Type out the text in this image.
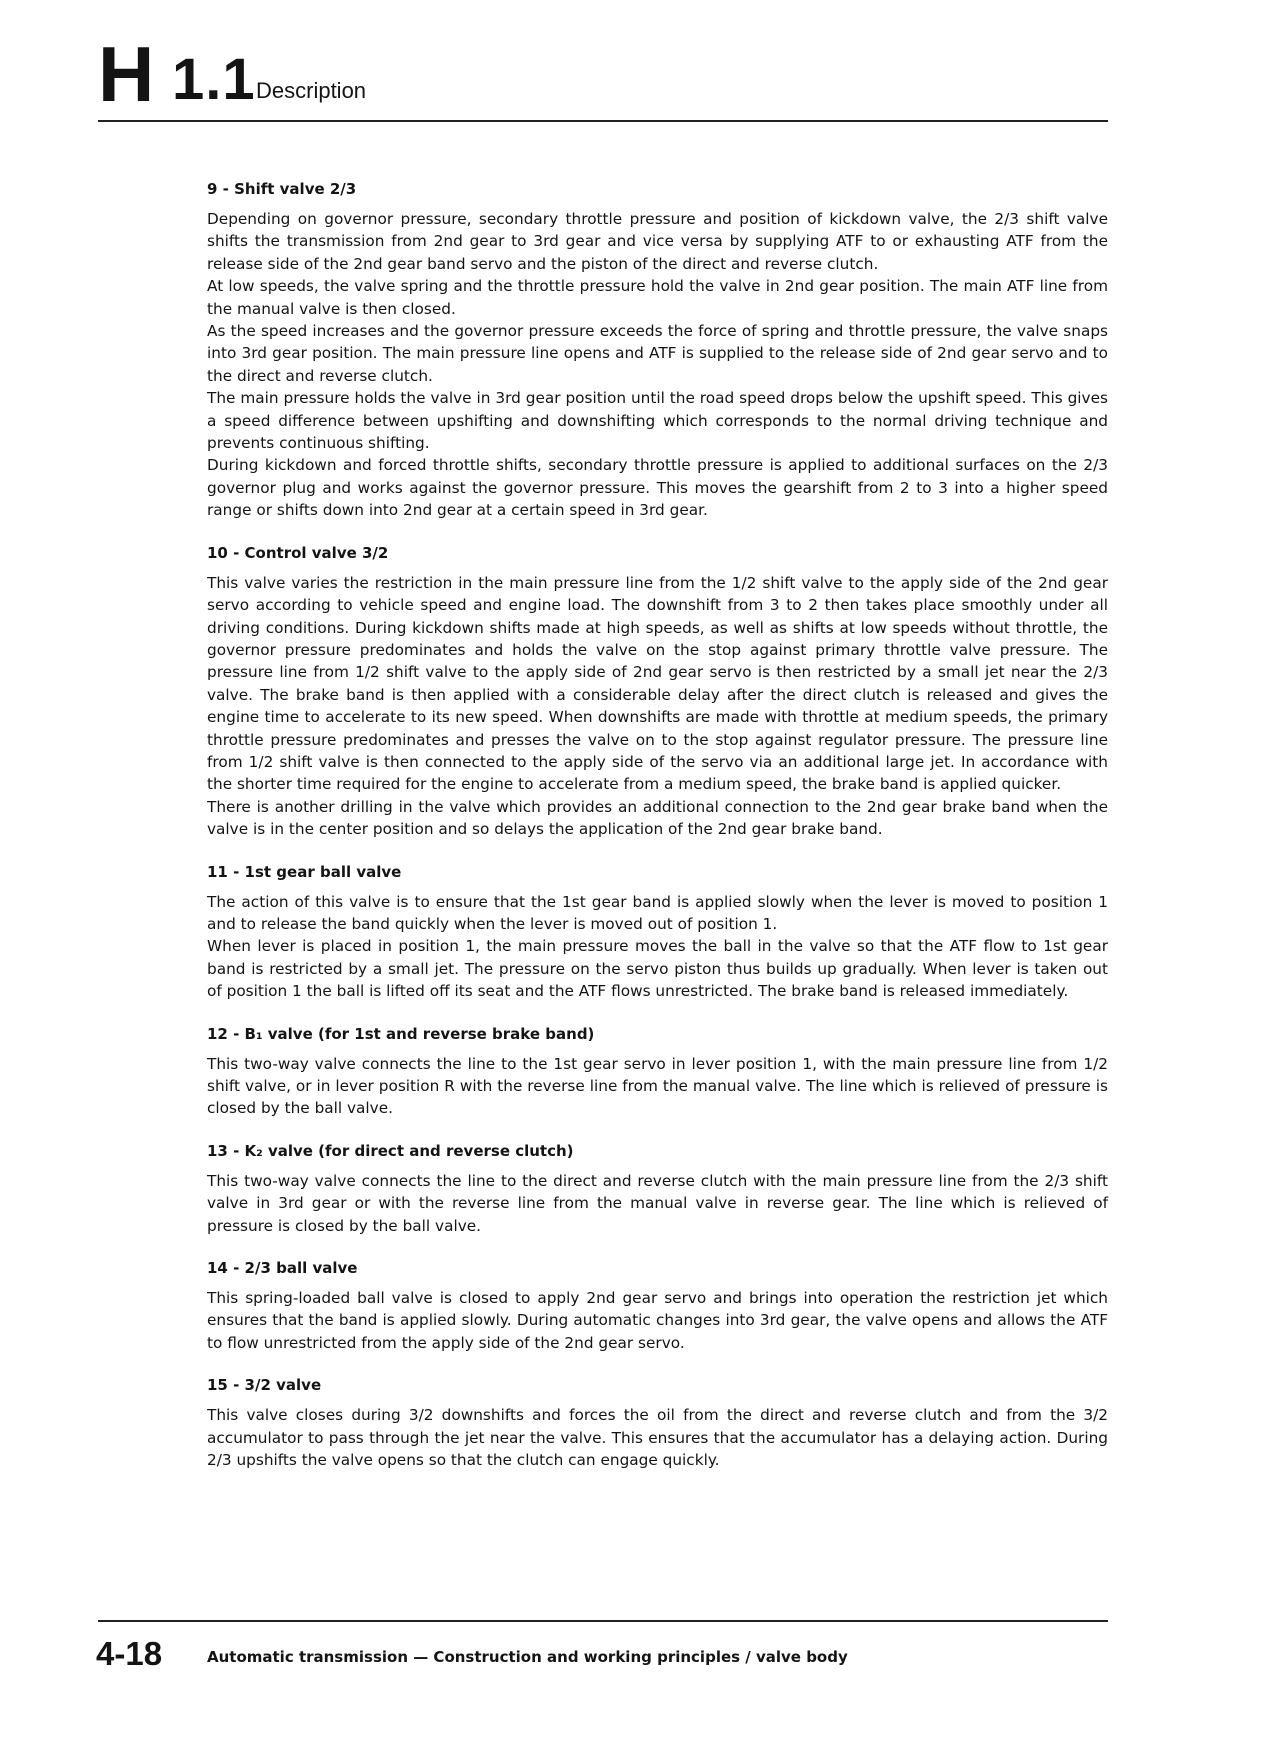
H 1.1 Description
9 - Shift valve 2/3

Depending on governor pressure, secondary throttle pressure and position of kickdown valve, the 2/3 shift valve shifts the transmission from 2nd gear to 3rd gear and vice versa by supplying ATF to or exhausting ATF from the release side of the 2nd gear band servo and the piston of the direct and reverse clutch.

At low speeds, the valve spring and the throttle pressure hold the valve in 2nd gear position. The main ATF line from the manual valve is then closed.

As the speed increases and the governor pressure exceeds the force of spring and throttle pressure, the valve snaps into 3rd gear position. The main pressure line opens and ATF is supplied to the release side of 2nd gear servo and to the direct and reverse clutch.

The main pressure holds the valve in 3rd gear position until the road speed drops below the upshift speed. This gives a speed difference between upshifting and downshifting which corresponds to the normal driving technique and prevents continuous shifting.

During kickdown and forced throttle shifts, secondary throttle pressure is applied to additional surfaces on the 2/3 governor plug and works against the governor pressure. This moves the gearshift from 2 to 3 into a higher speed range or shifts down into 2nd gear at a certain speed in 3rd gear.

10 - Control valve 3/2

This valve varies the restriction in the main pressure line from the 1/2 shift valve to the apply side of the 2nd gear servo according to vehicle speed and engine load. The downshift from 3 to 2 then takes place smoothly under all driving conditions. During kickdown shifts made at high speeds, as well as shifts at low speeds without throttle, the governor pressure predominates and holds the valve on the stop against primary throttle valve pressure. The pressure line from 1/2 shift valve to the apply side of 2nd gear servo is then restricted by a small jet near the 2/3 valve. The brake band is then applied with a considerable delay after the direct clutch is released and gives the engine time to accelerate to its new speed. When downshifts are made with throttle at medium speeds, the primary throttle pressure predominates and presses the valve on to the stop against regulator pressure. The pressure line from 1/2 shift valve is then connected to the apply side of the servo via an additional large jet. In accordance with the shorter time required for the engine to accelerate from a medium speed, the brake band is applied quicker.

There is another drilling in the valve which provides an additional connection to the 2nd gear brake band when the valve is in the center position and so delays the application of the 2nd gear brake band.

11 - 1st gear ball valve

The action of this valve is to ensure that the 1st gear band is applied slowly when the lever is moved to position 1 and to release the band quickly when the lever is moved out of position 1.

When lever is placed in position 1, the main pressure moves the ball in the valve so that the ATF flow to 1st gear band is restricted by a small jet. The pressure on the servo piston thus builds up gradually. When lever is taken out of position 1 the ball is lifted off its seat and the ATF flows unrestricted. The brake band is released immediately.

12 - B₁ valve (for 1st and reverse brake band)

This two-way valve connects the line to the 1st gear servo in lever position 1, with the main pressure line from 1/2 shift valve, or in lever position R with the reverse line from the manual valve. The line which is relieved of pressure is closed by the ball valve.

13 - K₂ valve (for direct and reverse clutch)

This two-way valve connects the line to the direct and reverse clutch with the main pressure line from the 2/3 shift valve in 3rd gear or with the reverse line from the manual valve in reverse gear. The line which is relieved of pressure is closed by the ball valve.

14 - 2/3 ball valve

This spring-loaded ball valve is closed to apply 2nd gear servo and brings into operation the restriction jet which ensures that the band is applied slowly. During automatic changes into 3rd gear, the valve opens and allows the ATF to flow unrestricted from the apply side of the 2nd gear servo.

15 - 3/2 valve

This valve closes during 3/2 downshifts and forces the oil from the direct and reverse clutch and from the 3/2 accumulator to pass through the jet near the valve. This ensures that the accumulator has a delaying action. During 2/3 upshifts the valve opens so that the clutch can engage quickly.

4-18	Automatic transmission — Construction and working principles / valve body
